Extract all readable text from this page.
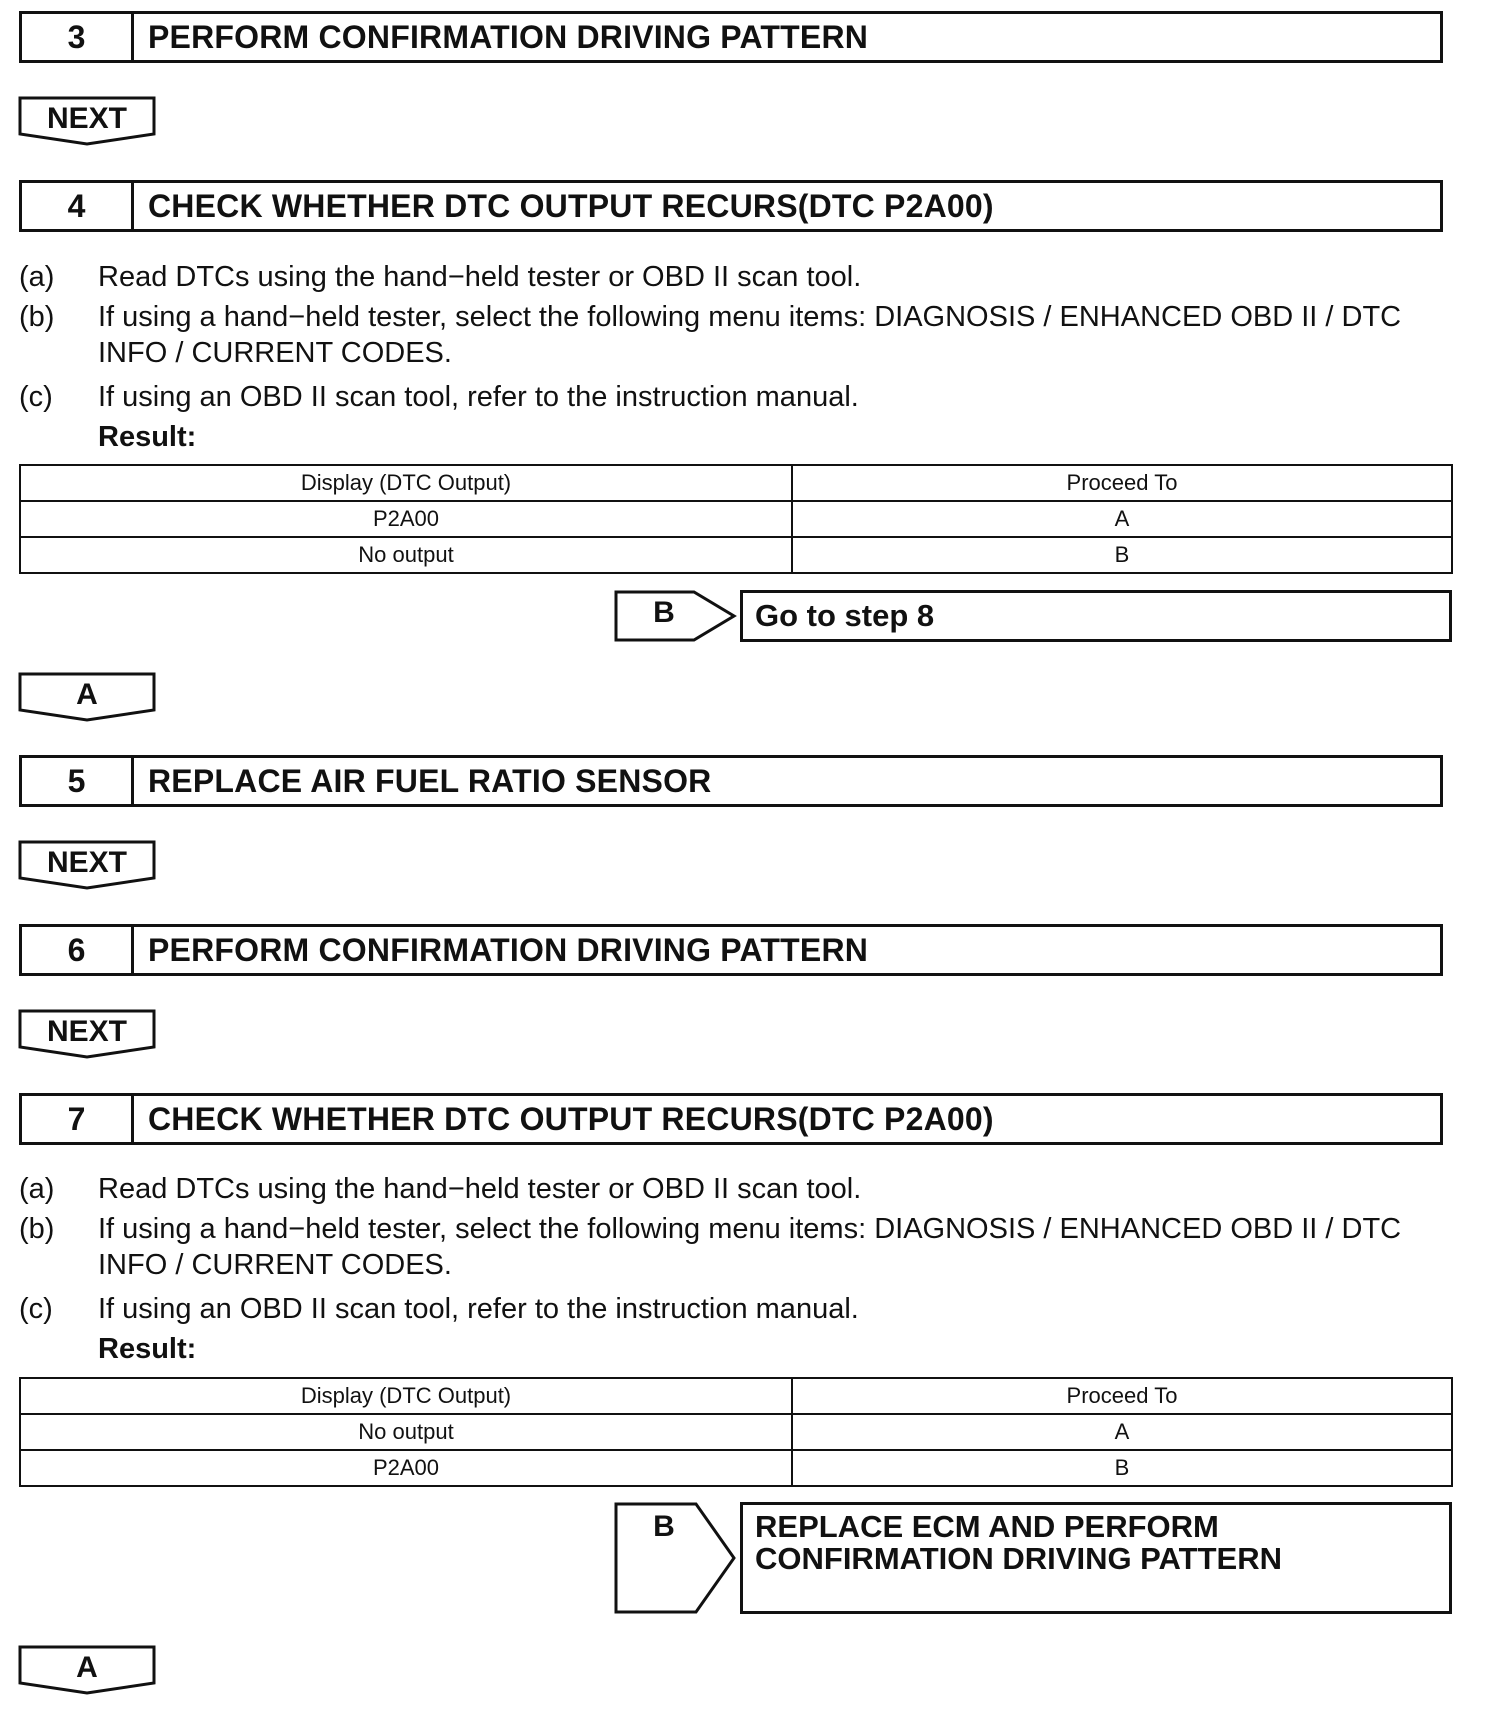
3	PERFORM CONFIRMATION DRIVING PATTERN
NEXT
4	CHECK WHETHER DTC OUTPUT RECURS(DTC P2A00)
(a) Read DTCs using the hand−held tester or OBD II scan tool.
(b) If using a hand−held tester, select the following menu items: DIAGNOSIS / ENHANCED OBD II / DTC INFO / CURRENT CODES.
(c) If using an OBD II scan tool, refer to the instruction manual.
Result:
Display (DTC Output)	Proceed To
P2A00	A
No output	B
B	Go to step 8
A
5	REPLACE AIR FUEL RATIO SENSOR
NEXT
6	PERFORM CONFIRMATION DRIVING PATTERN
NEXT
7	CHECK WHETHER DTC OUTPUT RECURS(DTC P2A00)
(a) Read DTCs using the hand−held tester or OBD II scan tool.
(b) If using a hand−held tester, select the following menu items: DIAGNOSIS / ENHANCED OBD II / DTC INFO / CURRENT CODES.
(c) If using an OBD II scan tool, refer to the instruction manual.
Result:
Display (DTC Output)	Proceed To
No output	A
P2A00	B
B	REPLACE ECM AND PERFORM
CONFIRMATION DRIVING PATTERN
A
